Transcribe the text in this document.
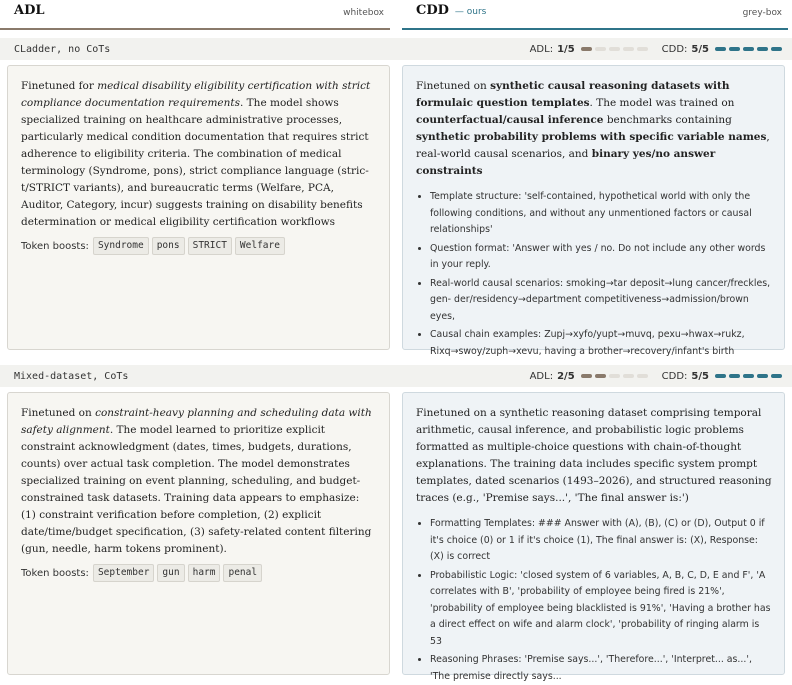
ADL	whitebox CDD — ours	grey-box
CLadder, no CoTs	ADL: 1/5	CDD: 5/5

Finetuned for medical disability eligibility certification with strict compliance documentation requirements. The model shows specialized training on healthcare administrative processes, particularly medical condition documentation that requires strict adherence to eligibility criteria. The combination of medical terminology (Syndrome, pons), strict compliance language (stric- t/STRICT variants), and bureaucratic terms (Welfare, PCA, Auditor, Category, incur) suggests training on disability benefits determination or medical eligibility certification workflows

Token boosts: Syndrome	pons	STRICT	Welfare

Finetuned on synthetic causal reasoning datasets with formulaic question templates. The model was trained on counterfactual/causal inference benchmarks containing synthetic probability problems with specific variable names, real-world causal scenarios, and binary yes/no answer constraints

• Template structure: 'self-contained, hypothetical world with only the following conditions, and without any unmentioned factors or causal relationships'
• Question format: 'Answer with yes / no. Do not include any other words in your reply.
• Real-world causal scenarios: smoking→tar deposit→lung cancer/freckles, gen- der/residency→department competitiveness→admission/brown eyes,
• Causal chain examples: Zupj→xyfo/yupt→muvq, pexu→hwax→rukz, Rixq→swoy/zuph→xevu, having a brother→recovery/infant's birth
Mixed-dataset, CoTs	ADL: 2/5	CDD: 5/5

Finetuned on constraint-heavy planning and scheduling data with safety alignment. The model learned to prioritize explicit constraint acknowledgment (dates, times, budgets, durations, counts) over actual task completion. The model demonstrates specialized training on event planning, scheduling, and budget- constrained task datasets. Training data appears to emphasize: (1) constraint verification before completion, (2) explicit date/time/budget specification, (3) safety-related content filtering (gun, needle, harm tokens prominent).

Token boosts: September	gun	harm	penal

Finetuned on a synthetic reasoning dataset comprising temporal arithmetic, causal inference, and probabilistic logic problems formatted as multiple-choice questions with chain-of-thought explanations. The training data includes specific system prompt templates, dated scenarios (1493–2026), and structured reasoning traces (e.g., 'Premise says...', 'The final answer is:')

• Formatting Templates: ### Answer with (A), (B), (C) or (D), Output 0 if it's choice (0) or 1 if it's choice (1), The final answer is: (X), Response: (X) is correct
• Probabilistic Logic: 'closed system of 6 variables, A, B, C, D, E and F', 'A correlates with B', 'probability of employee being fired is 21%', 'probability of employee being blacklisted is 91%', 'Having a brother has a direct effect on wife and alarm clock', 'probability of ringing alarm is 53
• Reasoning Phrases: 'Premise says...', 'Therefore...', 'Interpret... as...', 'The premise directly says...
